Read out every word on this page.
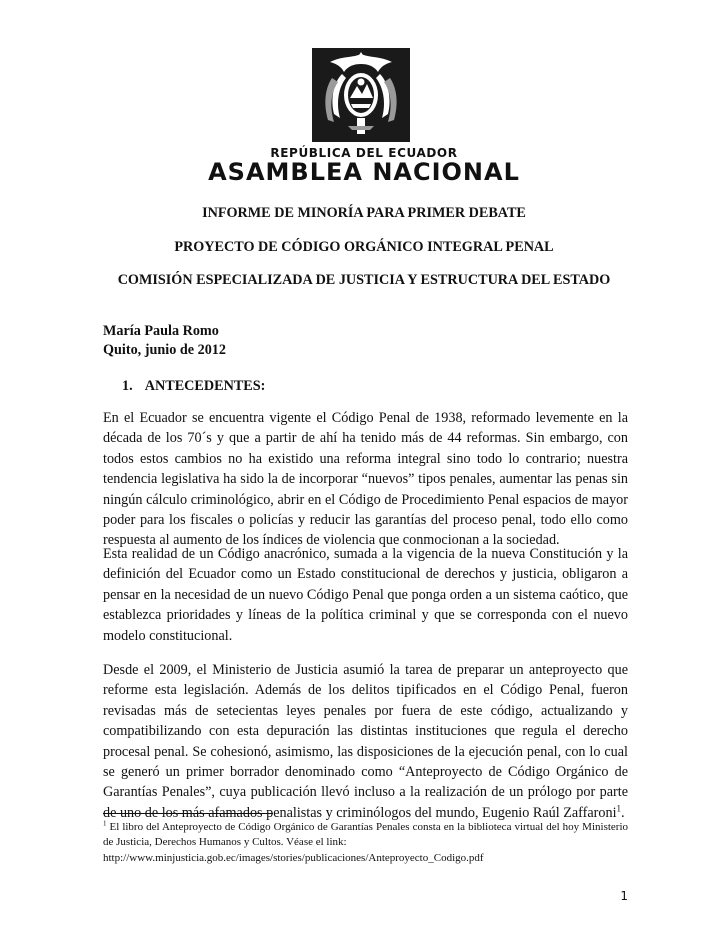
REPÚBLICA DEL ECUADOR
ASAMBLEA NACIONAL
INFORME DE MINORÍA PARA PRIMER DEBATE
PROYECTO DE CÓDIGO ORGÁNICO INTEGRAL PENAL
COMISIÓN ESPECIALIZADA DE JUSTICIA Y ESTRUCTURA DEL ESTADO
María Paula Romo
Quito, junio de 2012
1. ANTECEDENTES:

En el Ecuador se encuentra vigente el Código Penal de 1938, reformado levemente en la década de los 70´s y que a partir de ahí ha tenido más de 44 reformas. Sin embargo, con todos estos cambios no ha existido una reforma integral sino todo lo contrario; nuestra tendencia legislativa ha sido la de incorporar “nuevos” tipos penales, aumentar las penas sin ningún cálculo criminológico, abrir en el Código de Procedimiento Penal espacios de mayor poder para los fiscales o policías y reducir las garantías del proceso penal, todo ello como respuesta al aumento de los índices de violencia que conmocionan a la sociedad.

Esta realidad de un Código anacrónico, sumada a la vigencia de la nueva Constitución y la definición del Ecuador como un Estado constitucional de derechos y justicia, obligaron a pensar en la necesidad de un nuevo Código Penal que ponga orden a un sistema caótico, que establezca prioridades y líneas de la política criminal y que se corresponda con el nuevo modelo constitucional.

Desde el 2009, el Ministerio de Justicia asumió la tarea de preparar un anteproyecto que reforme esta legislación. Además de los delitos tipificados en el Código Penal, fueron revisadas más de setecientas leyes penales por fuera de este código, actualizando y compatibilizando con esta depuración las distintas instituciones que regula el derecho procesal penal. Se cohesionó, asimismo, las disposiciones de la ejecución penal, con lo cual se generó un primer borrador denominado como “Anteproyecto de Código Orgánico de Garantías Penales”, cuya publicación llevó incluso a la realización de un prólogo por parte de uno de los más afamados penalistas y criminólogos del mundo, Eugenio Raúl Zaffaroni$^1$.

$^1$ El libro del Anteproyecto de Código Orgánico de Garantías Penales consta en la biblioteca virtual del hoy Ministerio de Justicia, Derechos Humanos y Cultos. Véase el link:
http://www.minjusticia.gob.ec/images/stories/publicaciones/Anteproyecto_Codigo.pdf

1
